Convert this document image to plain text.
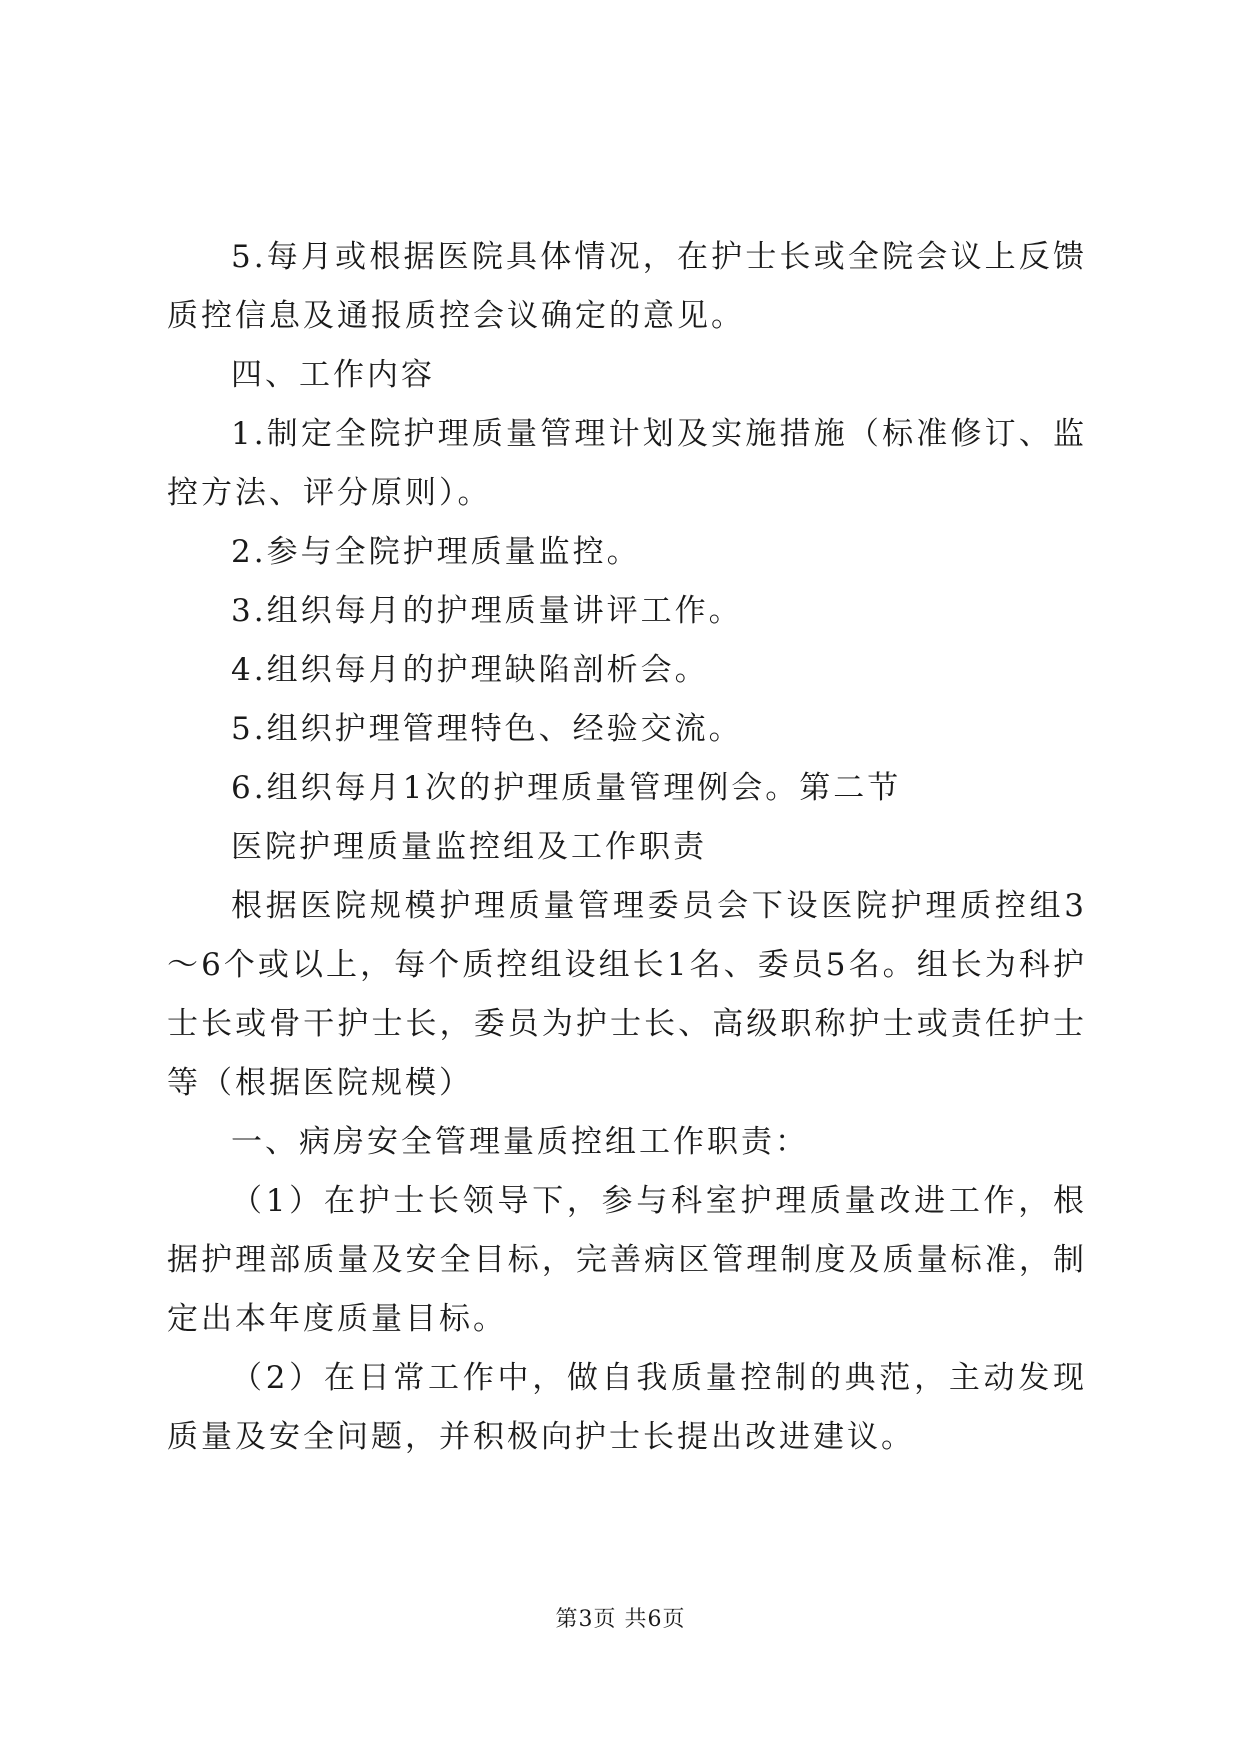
5.每月或根据医院具体情况，在护士长或全院会议上反馈质控信息及通报质控会议确定的意见。

四、工作内容

1.制定全院护理质量管理计划及实施措施（标准修订、监控方法、评分原则）。

2.参与全院护理质量监控。

3.组织每月的护理质量讲评工作。

4.组织每月的护理缺陷剖析会。

5.组织护理管理特色、经验交流。

6.组织每月1次的护理质量管理例会。第二节

医院护理质量监控组及工作职责

根据医院规模护理质量管理委员会下设医院护理质控组3～6个或以上，每个质控组设组长1名、委员5名。组长为科护士长或骨干护士长，委员为护士长、高级职称护士或责任护士等（根据医院规模）

一、病房安全管理量质控组工作职责：

（1）在护士长领导下，参与科室护理质量改进工作，根据护理部质量及安全目标，完善病区管理制度及质量标准，制定出本年度质量目标。

（2）在日常工作中，做自我质量控制的典范，主动发现质量及安全问题，并积极向护士长提出改进建议。

第3页 共6页
